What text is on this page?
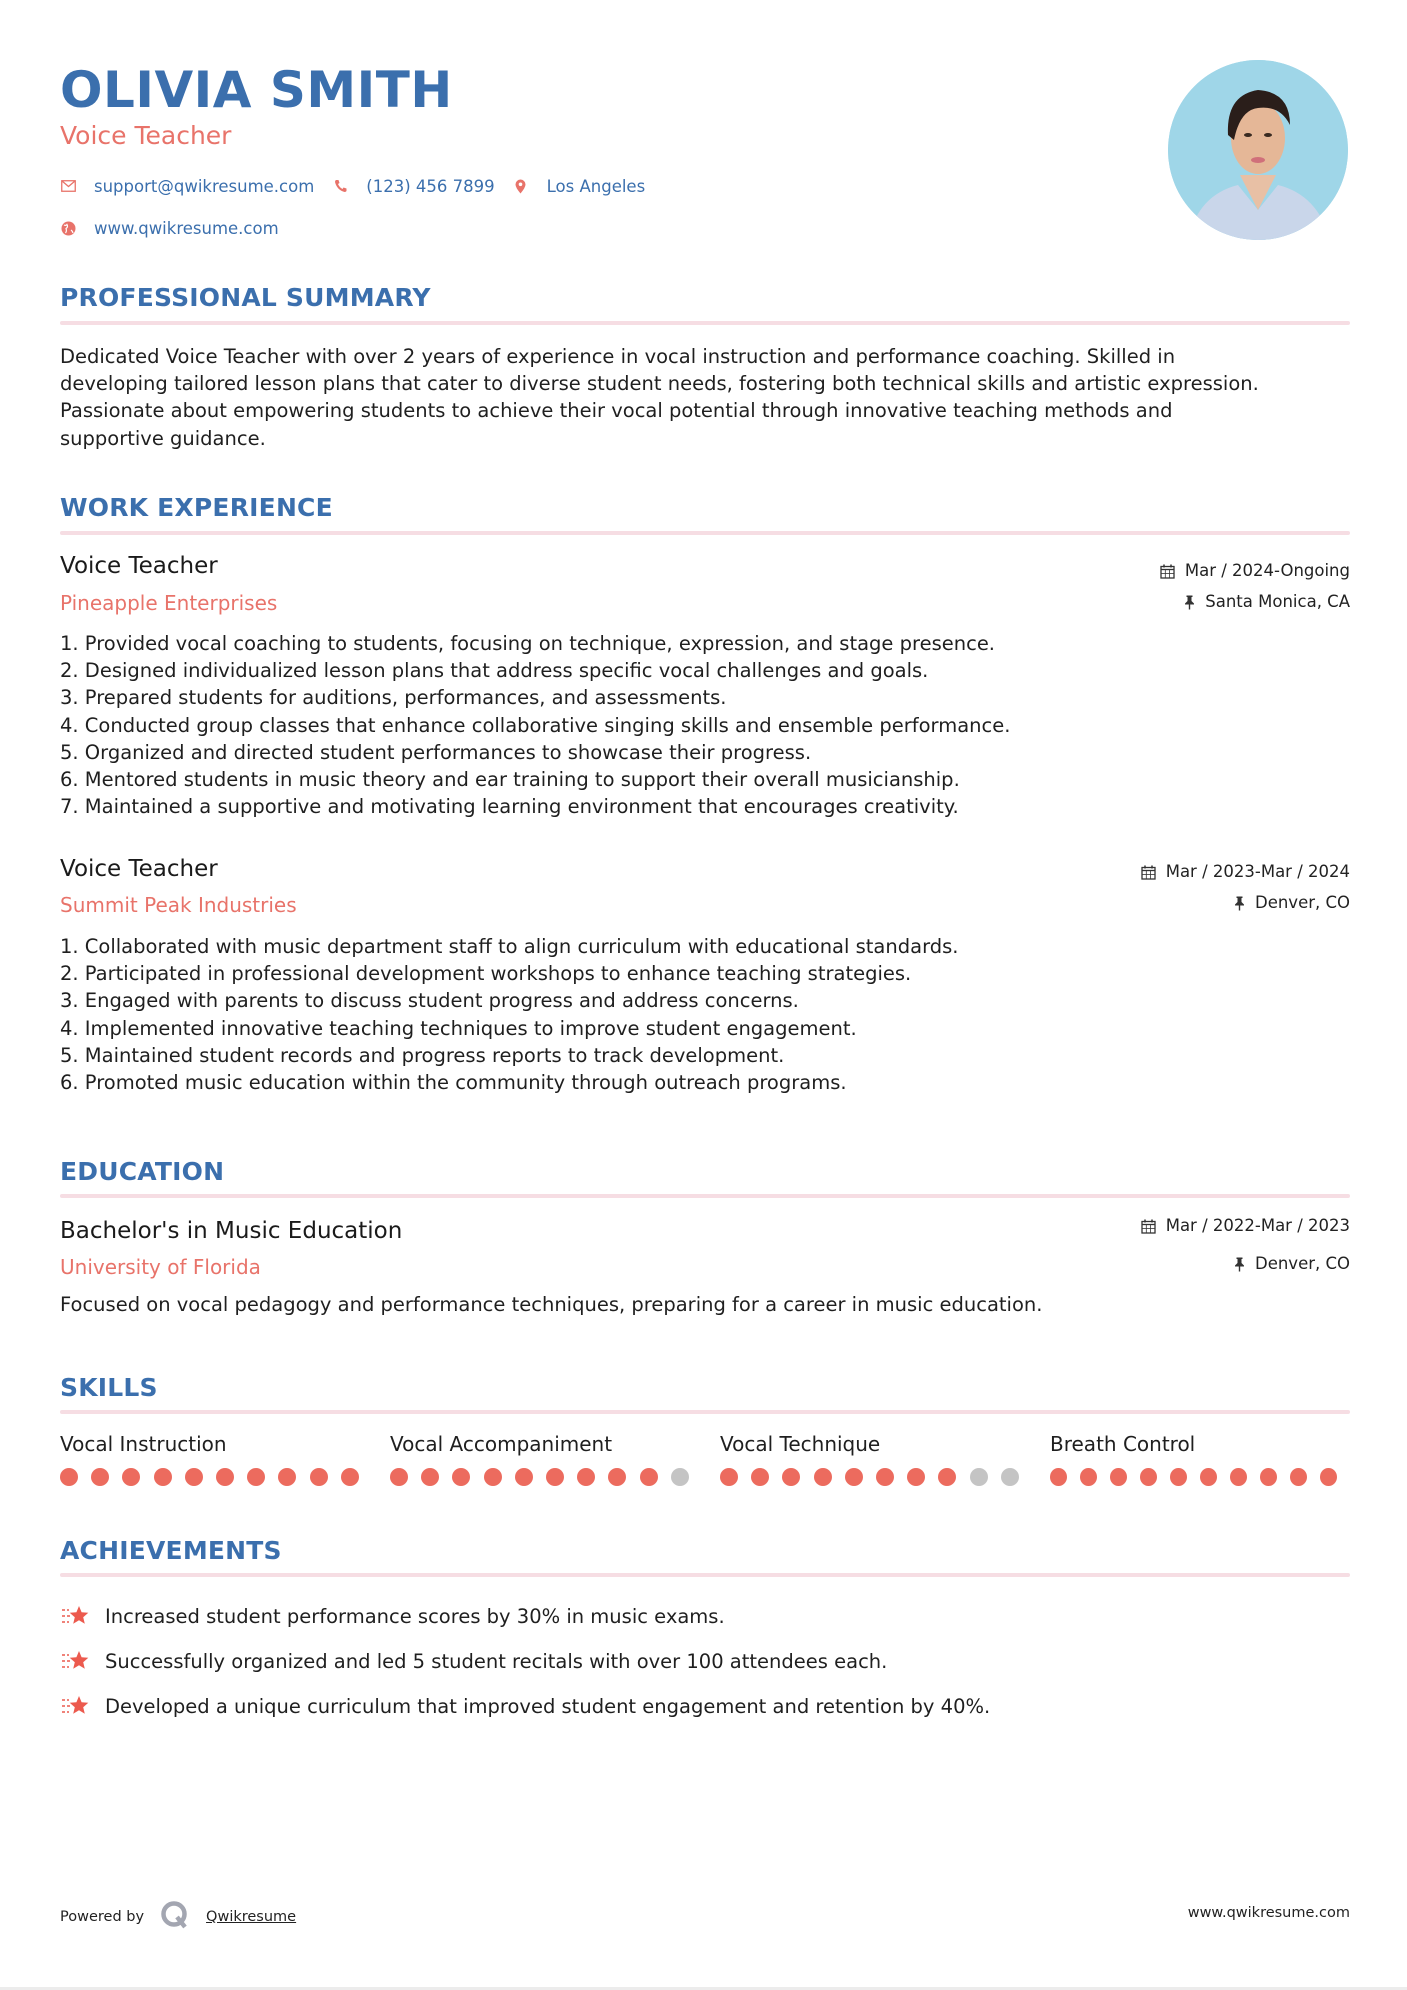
OLIVIA SMITH
Voice Teacher
support@qwikresume.com	(123) 456 7899	Los Angeles
www.qwikresume.com
PROFESSIONAL SUMMARY
Dedicated Voice Teacher with over 2 years of experience in vocal instruction and performance coaching. Skilled in
developing tailored lesson plans that cater to diverse student needs, fostering both technical skills and artistic expression.
Passionate about empowering students to achieve their vocal potential through innovative teaching methods and
supportive guidance.
WORK EXPERIENCE
Voice Teacher
Pineapple Enterprises
Mar / 2024-Ongoing
Santa Monica, CA
1. Provided vocal coaching to students, focusing on technique, expression, and stage presence.
2. Designed individualized lesson plans that address specific vocal challenges and goals.
3. Prepared students for auditions, performances, and assessments.
4. Conducted group classes that enhance collaborative singing skills and ensemble performance.
5. Organized and directed student performances to showcase their progress.
6. Mentored students in music theory and ear training to support their overall musicianship.
7. Maintained a supportive and motivating learning environment that encourages creativity.
Voice Teacher
Summit Peak Industries
Mar / 2023-Mar / 2024
Denver, CO
1. Collaborated with music department staff to align curriculum with educational standards.
2. Participated in professional development workshops to enhance teaching strategies.
3. Engaged with parents to discuss student progress and address concerns.
4. Implemented innovative teaching techniques to improve student engagement.
5. Maintained student records and progress reports to track development.
6. Promoted music education within the community through outreach programs.
EDUCATION
Bachelor's in Music Education
University of Florida
Mar / 2022-Mar / 2023
Denver, CO
Focused on vocal pedagogy and performance techniques, preparing for a career in music education.
SKILLS
Vocal Instruction	Vocal Accompaniment	Vocal Technique	Breath Control
ACHIEVEMENTS
Increased student performance scores by 30% in music exams.
Successfully organized and led 5 student recitals with over 100 attendees each.
Developed a unique curriculum that improved student engagement and retention by 40%.
Powered by	Qwikresume	www.qwikresume.com
